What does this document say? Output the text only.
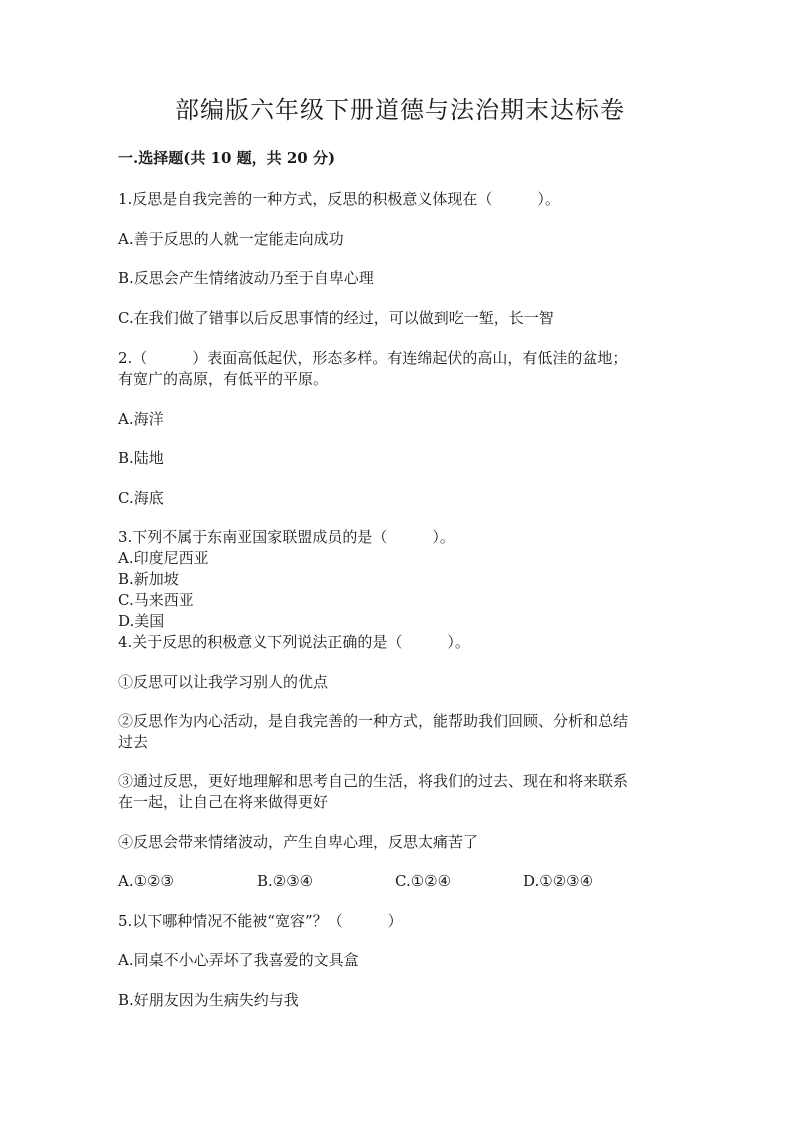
部编版六年级下册道德与法治期末达标卷
一.选择题(共 10 题，共 20 分)
1.反思是自我完善的一种方式，反思的积极意义体现在（　　　）。
A.善于反思的人就一定能走向成功
B.反思会产生情绪波动乃至于自卑心理
C.在我们做了错事以后反思事情的经过，可以做到吃一堑，长一智
2.（　　　）表面高低起伏，形态多样。有连绵起伏的高山，有低洼的盆地；
有宽广的高原，有低平的平原。
A.海洋
B.陆地
C.海底
3.下列不属于东南亚国家联盟成员的是（　　　）。
A.印度尼西亚
B.新加坡
C.马来西亚
D.美国
4.关于反思的积极意义下列说法正确的是（　　　）。
①反思可以让我学习别人的优点
②反思作为内心活动，是自我完善的一种方式，能帮助我们回顾、分析和总结
过去
③通过反思，更好地理解和思考自己的生活，将我们的过去、现在和将来联系
在一起，让自己在将来做得更好
④反思会带来情绪波动，产生自卑心理，反思太痛苦了
A.①②③	B.②③④	C.①②④	D.①②③④
5.以下哪种情况不能被“宽容”？（　　　）
A.同桌不小心弄坏了我喜爱的文具盒
B.好朋友因为生病失约与我
